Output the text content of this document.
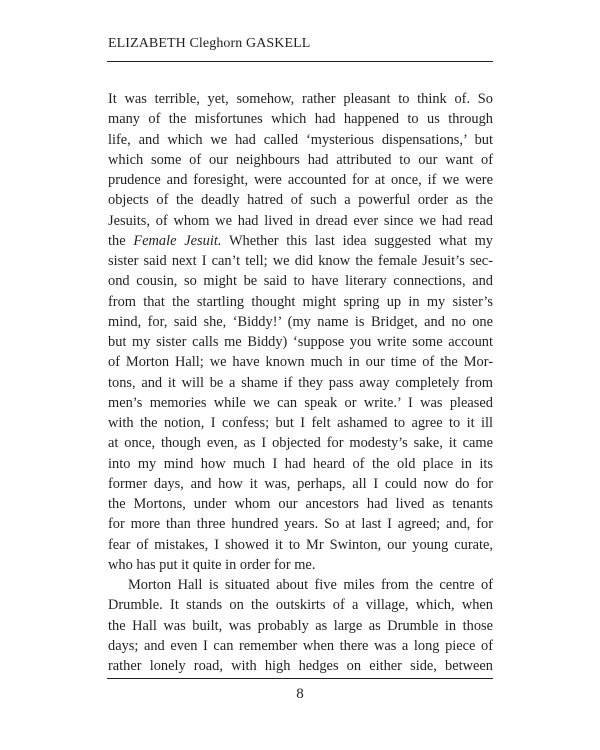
ELIZABETH Cleghorn GASKELL
It was terrible, yet, somehow, rather pleasant to think of. So
many of the misfortunes which had happened to us through
life, and which we had called ‘mysterious dispensations,’ but
which some of our neighbours had attributed to our want of
prudence and foresight, were accounted for at once, if we were
objects of the deadly hatred of such a powerful order as the
Jesuits, of whom we had lived in dread ever since we had read
the Female Jesuit. Whether this last idea suggested what my
sister said next I can’t tell; we did know the female Jesuit’s sec-
ond cousin, so might be said to have literary connections, and
from that the startling thought might spring up in my sister’s
mind, for, said she, ‘Biddy!’ (my name is Bridget, and no one
but my sister calls me Biddy) ‘suppose you write some account
of Morton Hall; we have known much in our time of the Mor-
tons, and it will be a shame if they pass away completely from
men’s memories while we can speak or write.’ I was pleased
with the notion, I confess; but I felt ashamed to agree to it ill
at once, though even, as I objected for modesty’s sake, it came
into my mind how much I had heard of the old place in its
former days, and how it was, perhaps, all I could now do for
the Mortons, under whom our ancestors had lived as tenants
for more than three hundred years. So at last I agreed; and, for
fear of mistakes, I showed it to Mr Swinton, our young curate,
who has put it quite in order for me.
Morton Hall is situated about five miles from the centre of
Drumble. It stands on the outskirts of a village, which, when
the Hall was built, was probably as large as Drumble in those
days; and even I can remember when there was a long piece of
rather lonely road, with high hedges on either side, between
8
